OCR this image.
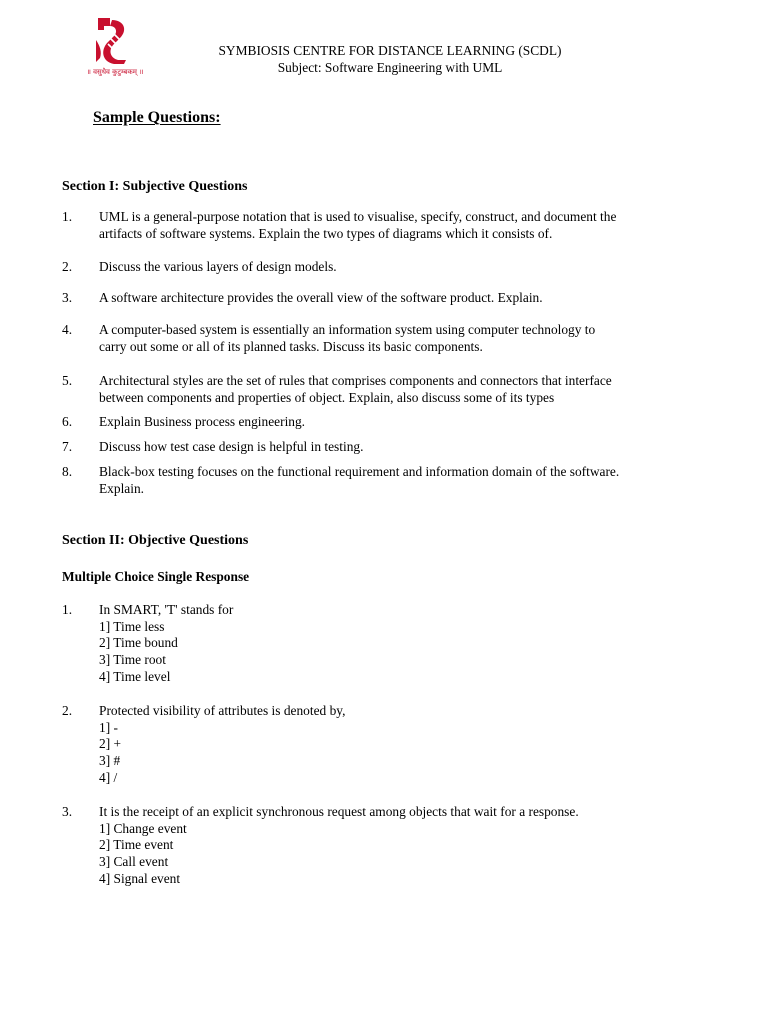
॥ वसुधैव कुटुम्बकम् ॥
SYMBIOSIS CENTRE FOR DISTANCE LEARNING (SCDL)
Subject: Software Engineering with UML
Sample Questions:
Section I: Subjective Questions
1. UML is a general-purpose notation that is used to visualise, specify, construct, and document the
artifacts of software systems. Explain the two types of diagrams which it consists of.
2. Discuss the various layers of design models.
3. A software architecture provides the overall view of the software product. Explain.
4. A computer-based system is essentially an information system using computer technology to
carry out some or all of its planned tasks. Discuss its basic components.
5. Architectural styles are the set of rules that comprises components and connectors that interface
between components and properties of object. Explain, also discuss some of its types
6. Explain Business process engineering.
7. Discuss how test case design is helpful in testing.
8. Black-box testing focuses on the functional requirement and information domain of the software.
Explain.
Section II: Objective Questions
Multiple Choice Single Response
1. In SMART, 'T' stands for
1] Time less
2] Time bound
3] Time root
4] Time level
2. Protected visibility of attributes is denoted by,
1] -
2] +
3] #
4] /
3. It is the receipt of an explicit synchronous request among objects that wait for a response.
1] Change event
2] Time event
3] Call event
4] Signal event
